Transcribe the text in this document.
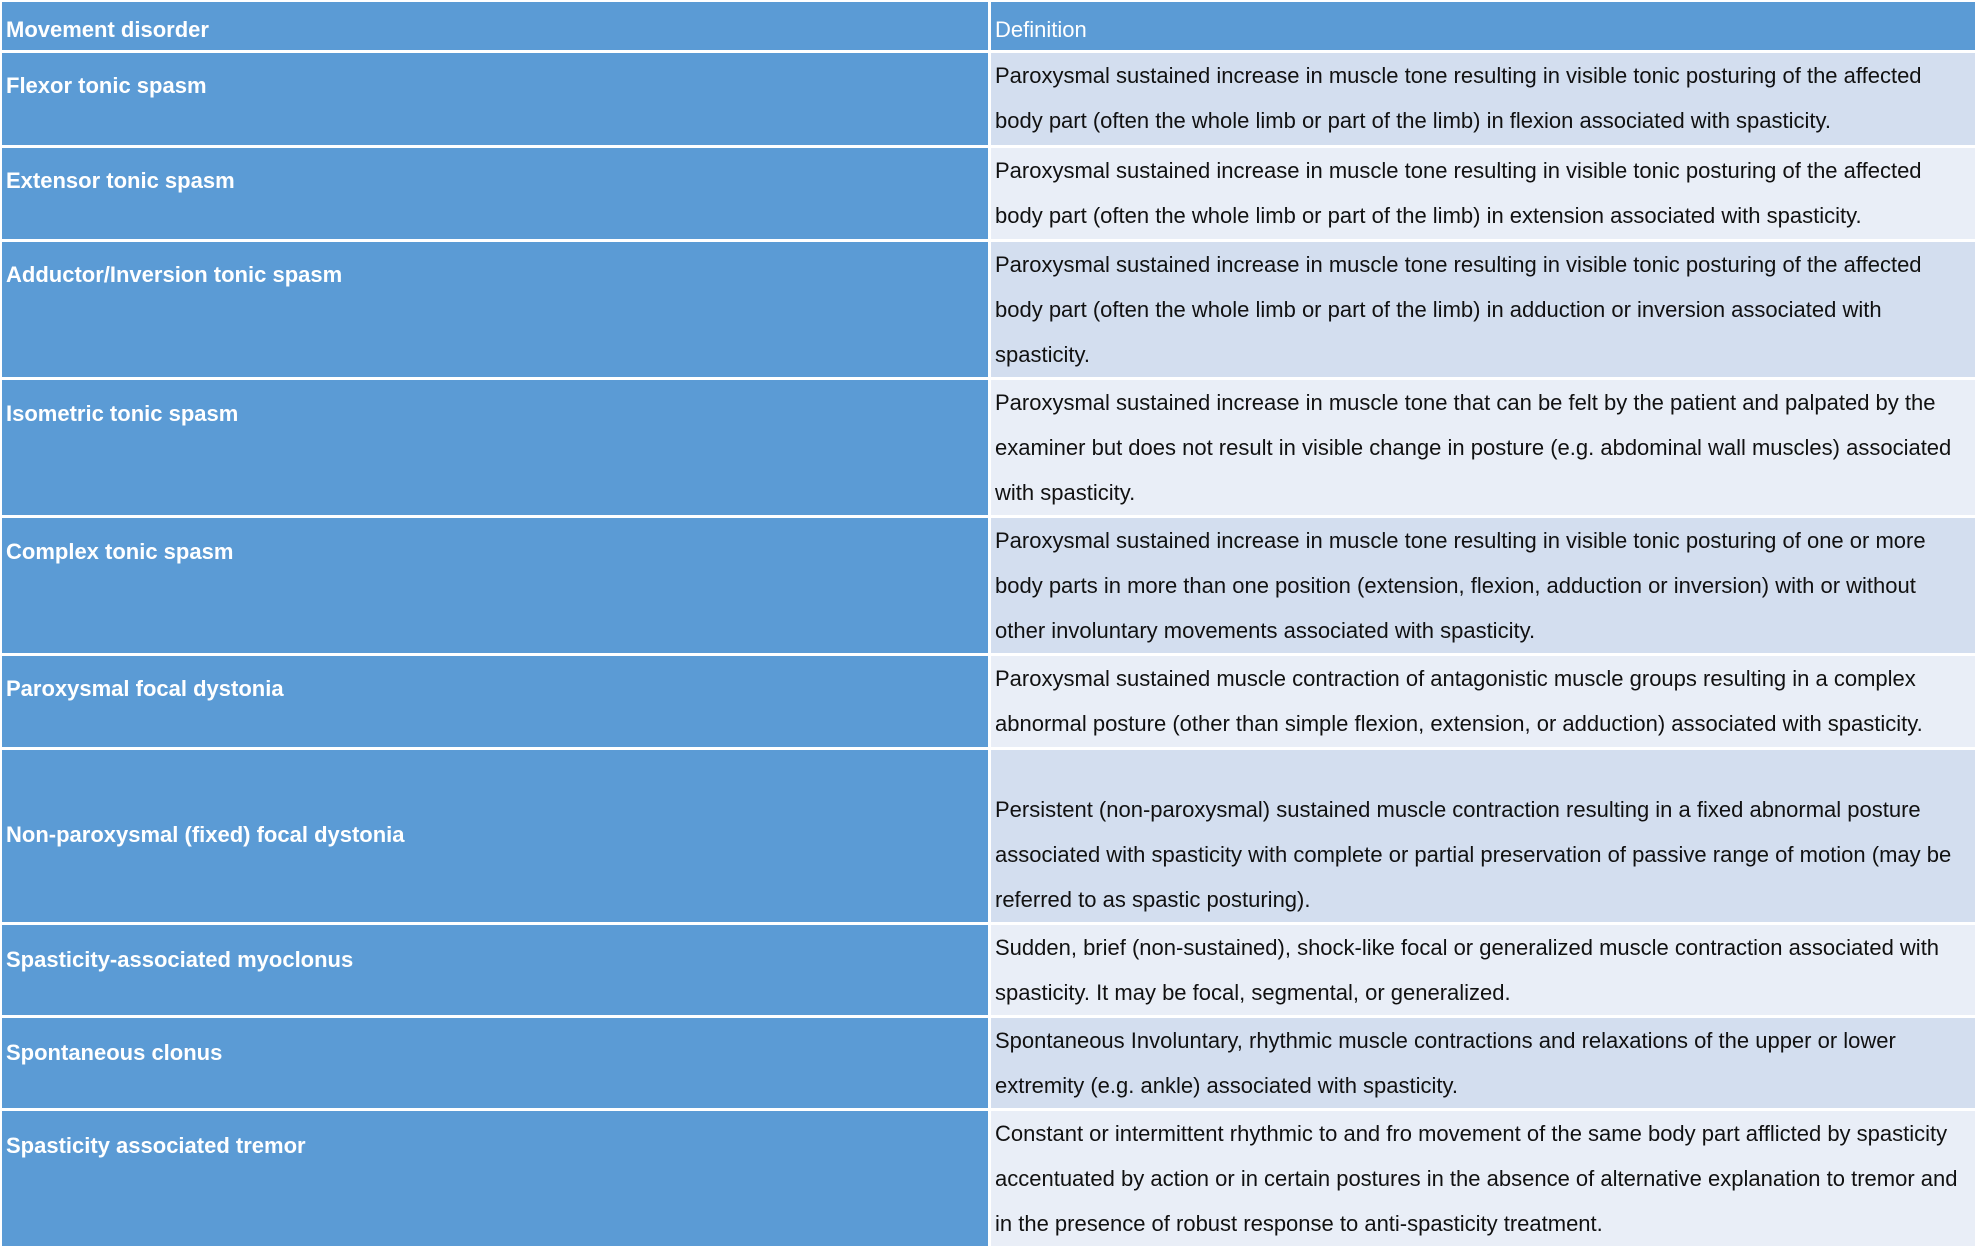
Movement disorder	Definition

Flexor tonic spasm	Paroxysmal sustained increase in muscle tone resulting in visible tonic posturing of the affected body part (often the whole limb or part of the limb) in flexion associated with spasticity.

Extensor tonic spasm	Paroxysmal sustained increase in muscle tone resulting in visible tonic posturing of the affected body part (often the whole limb or part of the limb) in extension associated with spasticity.

Adductor/Inversion tonic spasm	Paroxysmal sustained increase in muscle tone resulting in visible tonic posturing of the affected body part (often the whole limb or part of the limb) in adduction or inversion associated with spasticity.

Isometric tonic spasm	Paroxysmal sustained increase in muscle tone that can be felt by the patient and palpated by the examiner but does not result in visible change in posture (e.g. abdominal wall muscles) associated with spasticity.

Complex tonic spasm	Paroxysmal sustained increase in muscle tone resulting in visible tonic posturing of one or more body parts in more than one position (extension, flexion, adduction or inversion) with or without other involuntary movements associated with spasticity.

Paroxysmal focal dystonia	Paroxysmal sustained muscle contraction of antagonistic muscle groups resulting in a complex abnormal posture (other than simple flexion, extension, or adduction) associated with spasticity.

Non-paroxysmal (fixed) focal dystonia	Persistent (non-paroxysmal) sustained muscle contraction resulting in a fixed abnormal posture associated with spasticity with complete or partial preservation of passive range of motion (may be referred to as spastic posturing).

Spasticity-associated myoclonus	Sudden, brief (non-sustained), shock-like focal or generalized muscle contraction associated with spasticity. It may be focal, segmental, or generalized.

Spontaneous clonus	Spontaneous Involuntary, rhythmic muscle contractions and relaxations of the upper or lower extremity (e.g. ankle) associated with spasticity.

Spasticity associated tremor	Constant or intermittent rhythmic to and fro movement of the same body part afflicted by spasticity accentuated by action or in certain postures in the absence of alternative explanation to tremor and in the presence of robust response to anti-spasticity treatment.
